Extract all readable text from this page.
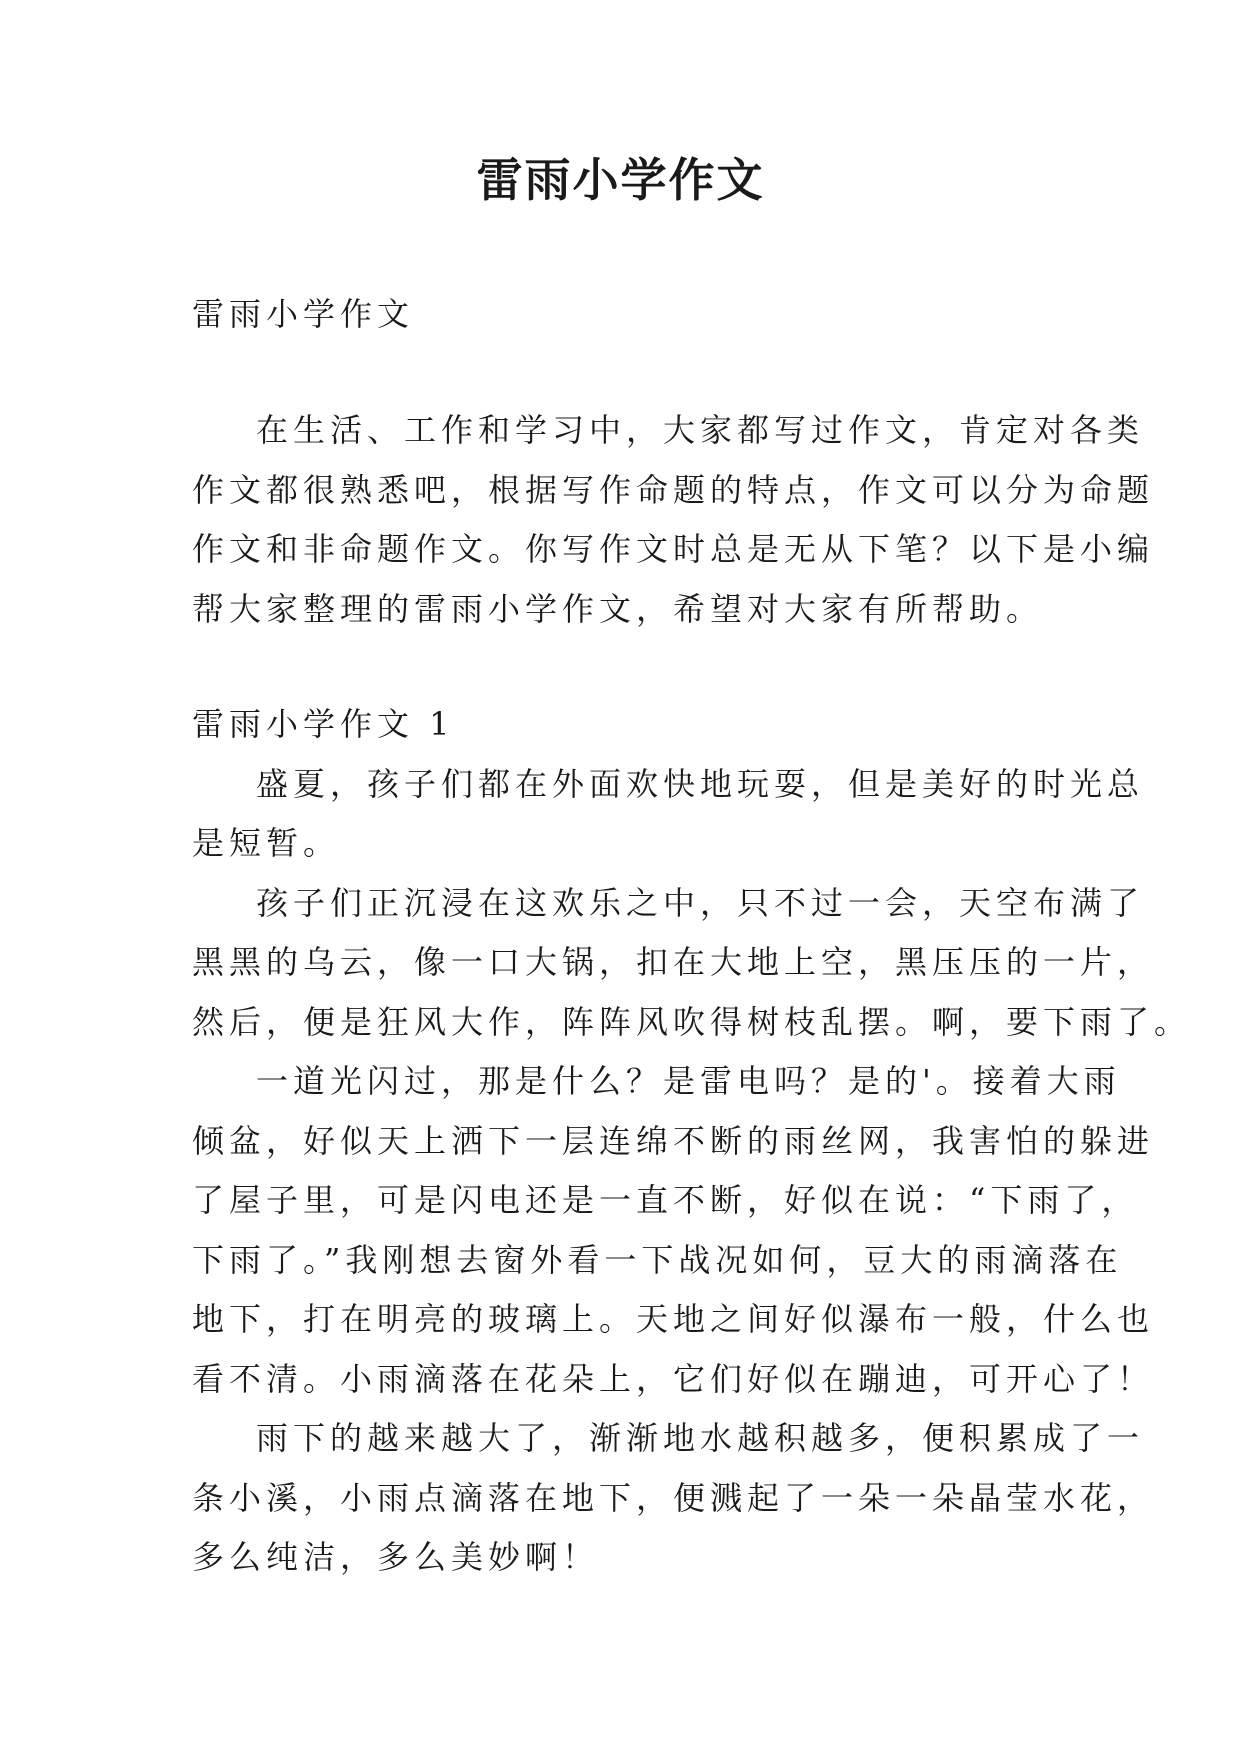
雷雨小学作文

雷雨小学作文

在生活、工作和学习中，大家都写过作文，肯定对各类

作文都很熟悉吧，根据写作命题的特点，作文可以分为命题

作文和非命题作文。你写作文时总是无从下笔？以下是小编

帮大家整理的雷雨小学作文，希望对大家有所帮助。

雷雨小学作文 1

盛夏，孩子们都在外面欢快地玩耍，但是美好的时光总

是短暂。

孩子们正沉浸在这欢乐之中，只不过一会，天空布满了

黑黑的乌云，像一口大锅，扣在大地上空，黑压压的一片，

然后，便是狂风大作，阵阵风吹得树枝乱摆。啊，要下雨了。

一道光闪过，那是什么？是雷电吗？是的'。接着大雨

倾盆，好似天上洒下一层连绵不断的雨丝网，我害怕的躲进

了屋子里，可是闪电还是一直不断，好似在说：“下雨了，

下雨了。”我刚想去窗外看一下战况如何，豆大的雨滴落在

地下，打在明亮的玻璃上。天地之间好似瀑布一般，什么也

看不清。小雨滴落在花朵上，它们好似在蹦迪，可开心了！

雨下的越来越大了，渐渐地水越积越多，便积累成了一

条小溪，小雨点滴落在地下，便溅起了一朵一朵晶莹水花，

多么纯洁，多么美妙啊！
